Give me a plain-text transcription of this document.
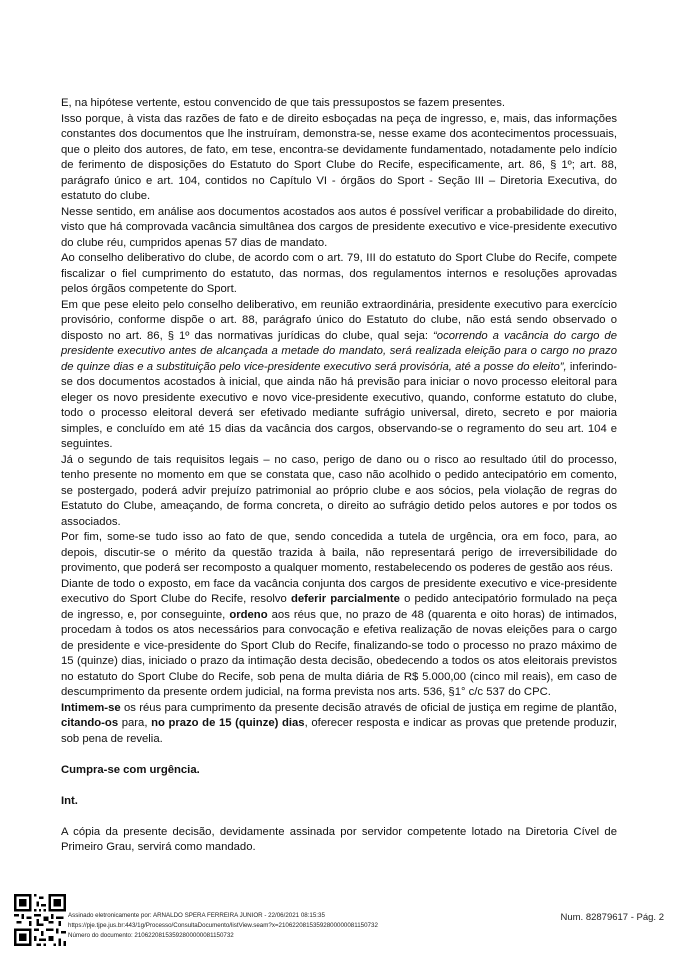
E, na hipótese vertente, estou convencido de que tais pressupostos se fazem presentes.

Isso porque, à vista das razões de fato e de direito esboçadas na peça de ingresso, e, mais, das informações constantes dos documentos que lhe instruíram, demonstra-se, nesse exame dos acontecimentos processuais, que o pleito dos autores, de fato, em tese, encontra-se devidamente fundamentado, notadamente pelo indício de ferimento de disposições do Estatuto do Sport Clube do Recife, especificamente, art. 86, § 1º; art. 88, parágrafo único e art. 104, contidos no Capítulo VI - órgãos do Sport - Seção III – Diretoria Executiva, do estatuto do clube.

Nesse sentido, em análise aos documentos acostados aos autos é possível verificar a probabilidade do direito, visto que há comprovada vacância simultânea dos cargos de presidente executivo e vice-presidente executivo do clube réu, cumpridos apenas 57 dias de mandato.

Ao conselho deliberativo do clube, de acordo com o art. 79, III do estatuto do Sport Clube do Recife, compete fiscalizar o fiel cumprimento do estatuto, das normas, dos regulamentos internos e resoluções aprovadas pelos órgãos competente do Sport.

Em que pese eleito pelo conselho deliberativo, em reunião extraordinária, presidente executivo para exercício provisório, conforme dispõe o art. 88, parágrafo único do Estatuto do clube, não está sendo observado o disposto no art. 86, § 1º das normativas jurídicas do clube, qual seja: “ocorrendo a vacância do cargo de presidente executivo antes de alcançada a metade do mandato, será realizada eleição para o cargo no prazo de quinze dias e a substituição pelo vice-presidente executivo será provisória, até a posse do eleito”, inferindo-se dos documentos acostados à inicial, que ainda não há previsão para iniciar o novo processo eleitoral para eleger os novo presidente executivo e novo vice-presidente executivo, quando, conforme estatuto do clube, todo o processo eleitoral deverá ser efetivado mediante sufrágio universal, direto, secreto e por maioria simples, e concluído em até 15 dias da vacância dos cargos, observando-se o regramento do seu art. 104 e seguintes.

Já o segundo de tais requisitos legais – no caso, perigo de dano ou o risco ao resultado útil do processo, tenho presente no momento em que se constata que, caso não acolhido o pedido antecipatório em comento, se postergado, poderá advir prejuízo patrimonial ao próprio clube e aos sócios, pela violação de regras do Estatuto do Clube, ameaçando, de forma concreta, o direito ao sufrágio detido pelos autores e por todos os associados.

Por fim, some-se tudo isso ao fato de que, sendo concedida a tutela de urgência, ora em foco, para, ao depois, discutir-se o mérito da questão trazida à baila, não representará perigo de irreversibilidade do provimento, que poderá ser recomposto a qualquer momento, restabelecendo os poderes de gestão aos réus.

Diante de todo o exposto, em face da vacância conjunta dos cargos de presidente executivo e vice-presidente executivo do Sport Clube do Recife, resolvo deferir parcialmente o pedido antecipatório formulado na peça de ingresso, e, por conseguinte, ordeno aos réus que, no prazo de 48 (quarenta e oito horas) de intimados, procedam à todos os atos necessários para convocação e efetiva realização de novas eleições para o cargo de presidente e vice-presidente do Sport Club do Recife, finalizando-se todo o processo no prazo máximo de 15 (quinze) dias, iniciado o prazo da intimação desta decisão, obedecendo a todos os atos eleitorais previstos no estatuto do Sport Clube do Recife, sob pena de multa diária de R$ 5.000,00 (cinco mil reais), em caso de descumprimento da presente ordem judicial, na forma prevista nos arts. 536, §1° c/c 537 do CPC.

Intimem-se os réus para cumprimento da presente decisão através de oficial de justiça em regime de plantão, citando-os para, no prazo de 15 (quinze) dias, oferecer resposta e indicar as provas que pretende produzir, sob pena de revelia.

Cumpra-se com urgência.

Int.

A cópia da presente decisão, devidamente assinada por servidor competente lotado na Diretoria Cível de Primeiro Grau, servirá como mandado.

Assinado eletronicamente por: ARNALDO SPERA FERREIRA JUNIOR - 22/06/2021 08:15:35
https://pje.tjpe.jus.br:443/1g/Processo/ConsultaDocumento/listView.seam?x=21062208153592800000081150732
Número do documento: 21062208153592800000081150732
Num. 82879617 - Pág. 2
